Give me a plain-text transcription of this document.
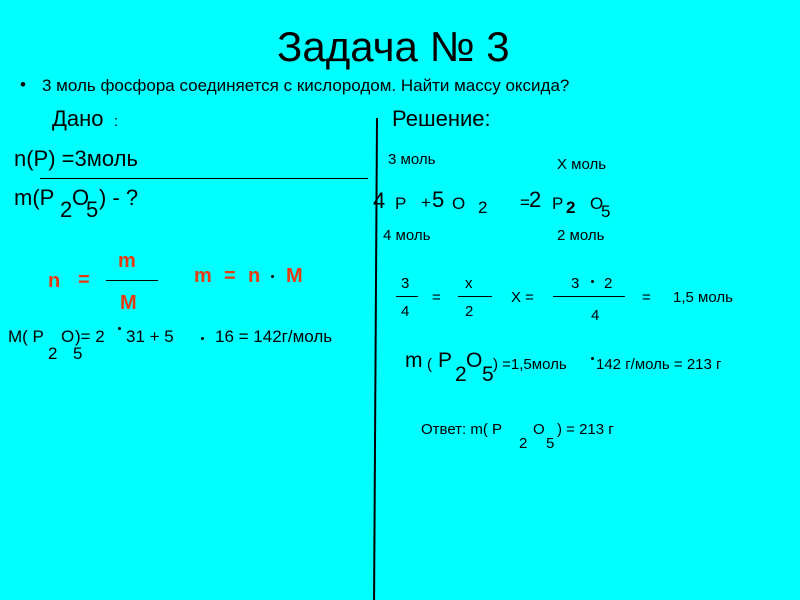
Задача № 3
• 3 моль фосфора соединяется с кислородом. Найти массу оксида?
Дано :	Решение:
n(P) =3моль
m(P 2 O
5 ) - ?
m
n =
M
m = n M
M( P O )= 2 31 + 5 16 = 142г/моль
2 5
3 моль	Х моль
4 P + 5 O 2 = 2 P 2 O
5
4 моль	2 моль
3
4
=
x
2
X =
3 2
4
= 1,5 моль
m ( P
2
O
5 ) =1,5моль 142 г/моль = 213 г
Ответ: m( P
2
O
5
) = 213 г
